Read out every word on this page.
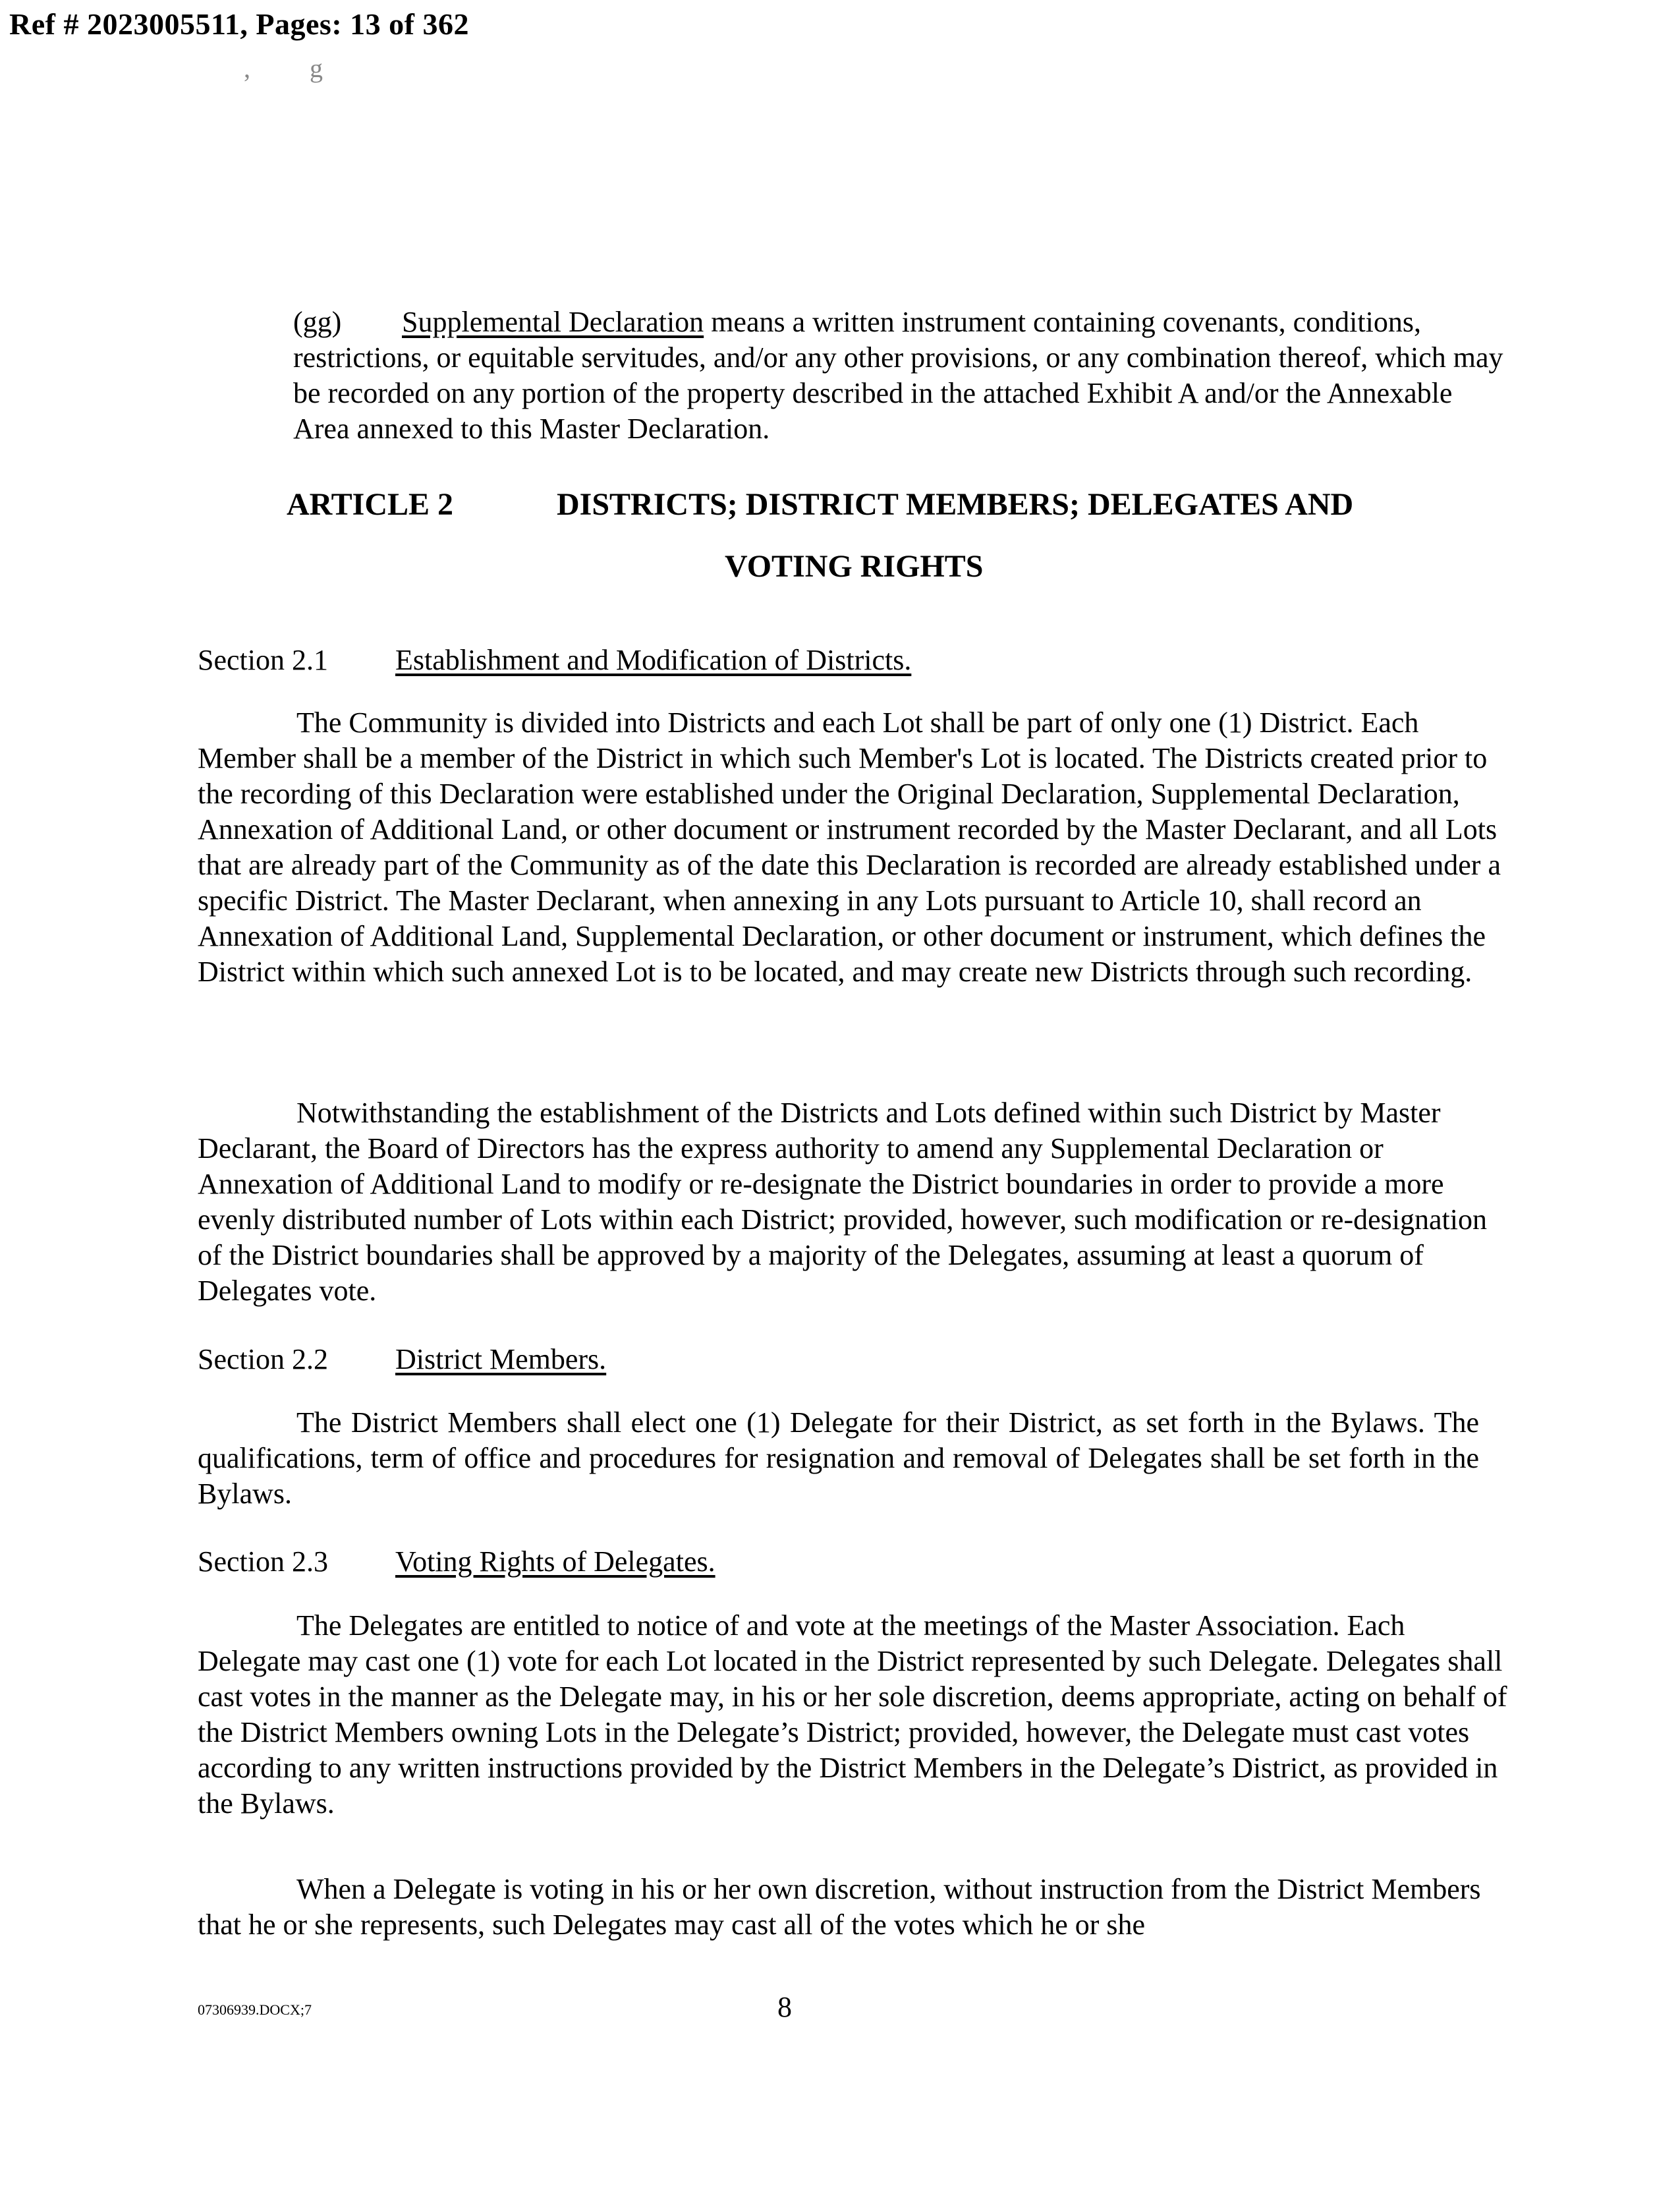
Ref # 2023005511, Pages: 13 of 362
, g

(gg) Supplemental Declaration means a written instrument containing covenants, conditions, restrictions, or equitable servitudes, and/or any other provisions, or any combination thereof, which may be recorded on any portion of the property described in the attached Exhibit A and/or the Annexable Area annexed to this Master Declaration.

ARTICLE 2	DISTRICTS; DISTRICT MEMBERS; DELEGATES AND
VOTING RIGHTS
Section 2.1 Establishment and Modification of Districts.

The Community is divided into Districts and each Lot shall be part of only one (1) District. Each Member shall be a member of the District in which such Member's Lot is located. The Districts created prior to the recording of this Declaration were established under the Original Declaration, Supplemental Declaration, Annexation of Additional Land, or other document or instrument recorded by the Master Declarant, and all Lots that are already part of the Community as of the date this Declaration is recorded are already established under a specific District. The Master Declarant, when annexing in any Lots pursuant to Article 10, shall record an Annexation of Additional Land, Supplemental Declaration, or other document or instrument, which defines the District within which such annexed Lot is to be located, and may create new Districts through such recording.

Notwithstanding the establishment of the Districts and Lots defined within such District by Master Declarant, the Board of Directors has the express authority to amend any Supplemental Declaration or Annexation of Additional Land to modify or re-designate the District boundaries in order to provide a more evenly distributed number of Lots within each District; provided, however, such modification or re-designation of the District boundaries shall be approved by a majority of the Delegates, assuming at least a quorum of Delegates vote.

Section 2.2 District Members.

The District Members shall elect one (1) Delegate for their District, as set forth in the Bylaws. The qualifications, term of office and procedures for resignation and removal of Delegates shall be set forth in the Bylaws.

Section 2.3 Voting Rights of Delegates.

The Delegates are entitled to notice of and vote at the meetings of the Master Association. Each Delegate may cast one (1) vote for each Lot located in the District represented by such Delegate. Delegates shall cast votes in the manner as the Delegate may, in his or her sole discretion, deems appropriate, acting on behalf of the District Members owning Lots in the Delegate’s District; provided, however, the Delegate must cast votes according to any written instructions provided by the District Members in the Delegate’s District, as provided in the Bylaws.

When a Delegate is voting in his or her own discretion, without instruction from the District Members that he or she represents, such Delegates may cast all of the votes which he or she

07306939.DOCX;7	8
